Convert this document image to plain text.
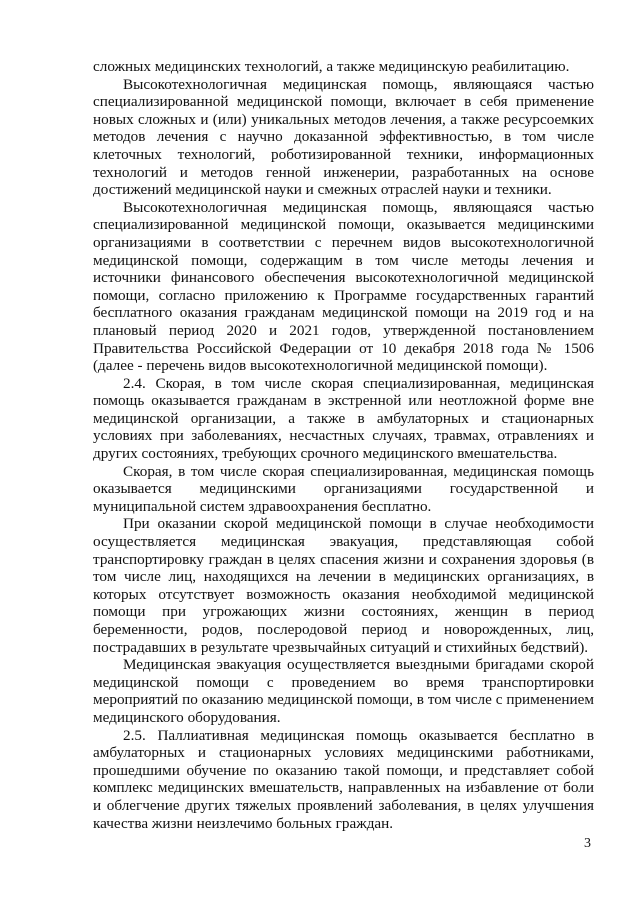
сложных медицинских технологий, а также медицинскую реабилитацию.

Высокотехнологичная медицинская помощь, являющаяся частью специализированной медицинской помощи, включает в себя применение новых сложных и (или) уникальных методов лечения, а также ресурсоемких методов лечения с научно доказанной эффективностью, в том числе клеточных технологий, роботизированной техники, информационных технологий и методов генной инженерии, разработанных на основе достижений медицинской науки и смежных отраслей науки и техники.

Высокотехнологичная медицинская помощь, являющаяся частью специализированной медицинской помощи, оказывается медицинскими организациями в соответствии с перечнем видов высокотехнологичной медицинской помощи, содержащим в том числе методы лечения и источники финансового обеспечения высокотехнологичной медицинской помощи, согласно приложению к Программе государственных гарантий бесплатного оказания гражданам медицинской помощи на 2019 год и на плановый период 2020 и 2021 годов, утвержденной постановлением Правительства Российской Федерации от 10 декабря 2018 года № 1506 (далее - перечень видов высокотехнологичной медицинской помощи).

2.4. Скорая, в том числе скорая специализированная, медицинская помощь оказывается гражданам в экстренной или неотложной форме вне медицинской организации, а также в амбулаторных и стационарных условиях при заболеваниях, несчастных случаях, травмах, отравлениях и других состояниях, требующих срочного медицинского вмешательства.

Скорая, в том числе скорая специализированная, медицинская помощь оказывается медицинскими организациями государственной и муниципальной систем здравоохранения бесплатно.

При оказании скорой медицинской помощи в случае необходимости осуществляется медицинская эвакуация, представляющая собой транспортировку граждан в целях спасения жизни и сохранения здоровья (в том числе лиц, находящихся на лечении в медицинских организациях, в которых отсутствует возможность оказания необходимой медицинской помощи при угрожающих жизни состояниях, женщин в период беременности, родов, послеродовой период и новорожденных, лиц, пострадавших в результате чрезвычайных ситуаций и стихийных бедствий).

Медицинская эвакуация осуществляется выездными бригадами скорой медицинской помощи с проведением во время транспортировки мероприятий по оказанию медицинской помощи, в том числе с применением медицинского оборудования.

2.5. Паллиативная медицинская помощь оказывается бесплатно в амбулаторных и стационарных условиях медицинскими работниками, прошедшими обучение по оказанию такой помощи, и представляет собой комплекс медицинских вмешательств, направленных на избавление от боли и облегчение других тяжелых проявлений заболевания, в целях улучшения качества жизни неизлечимо больных граждан.

3
